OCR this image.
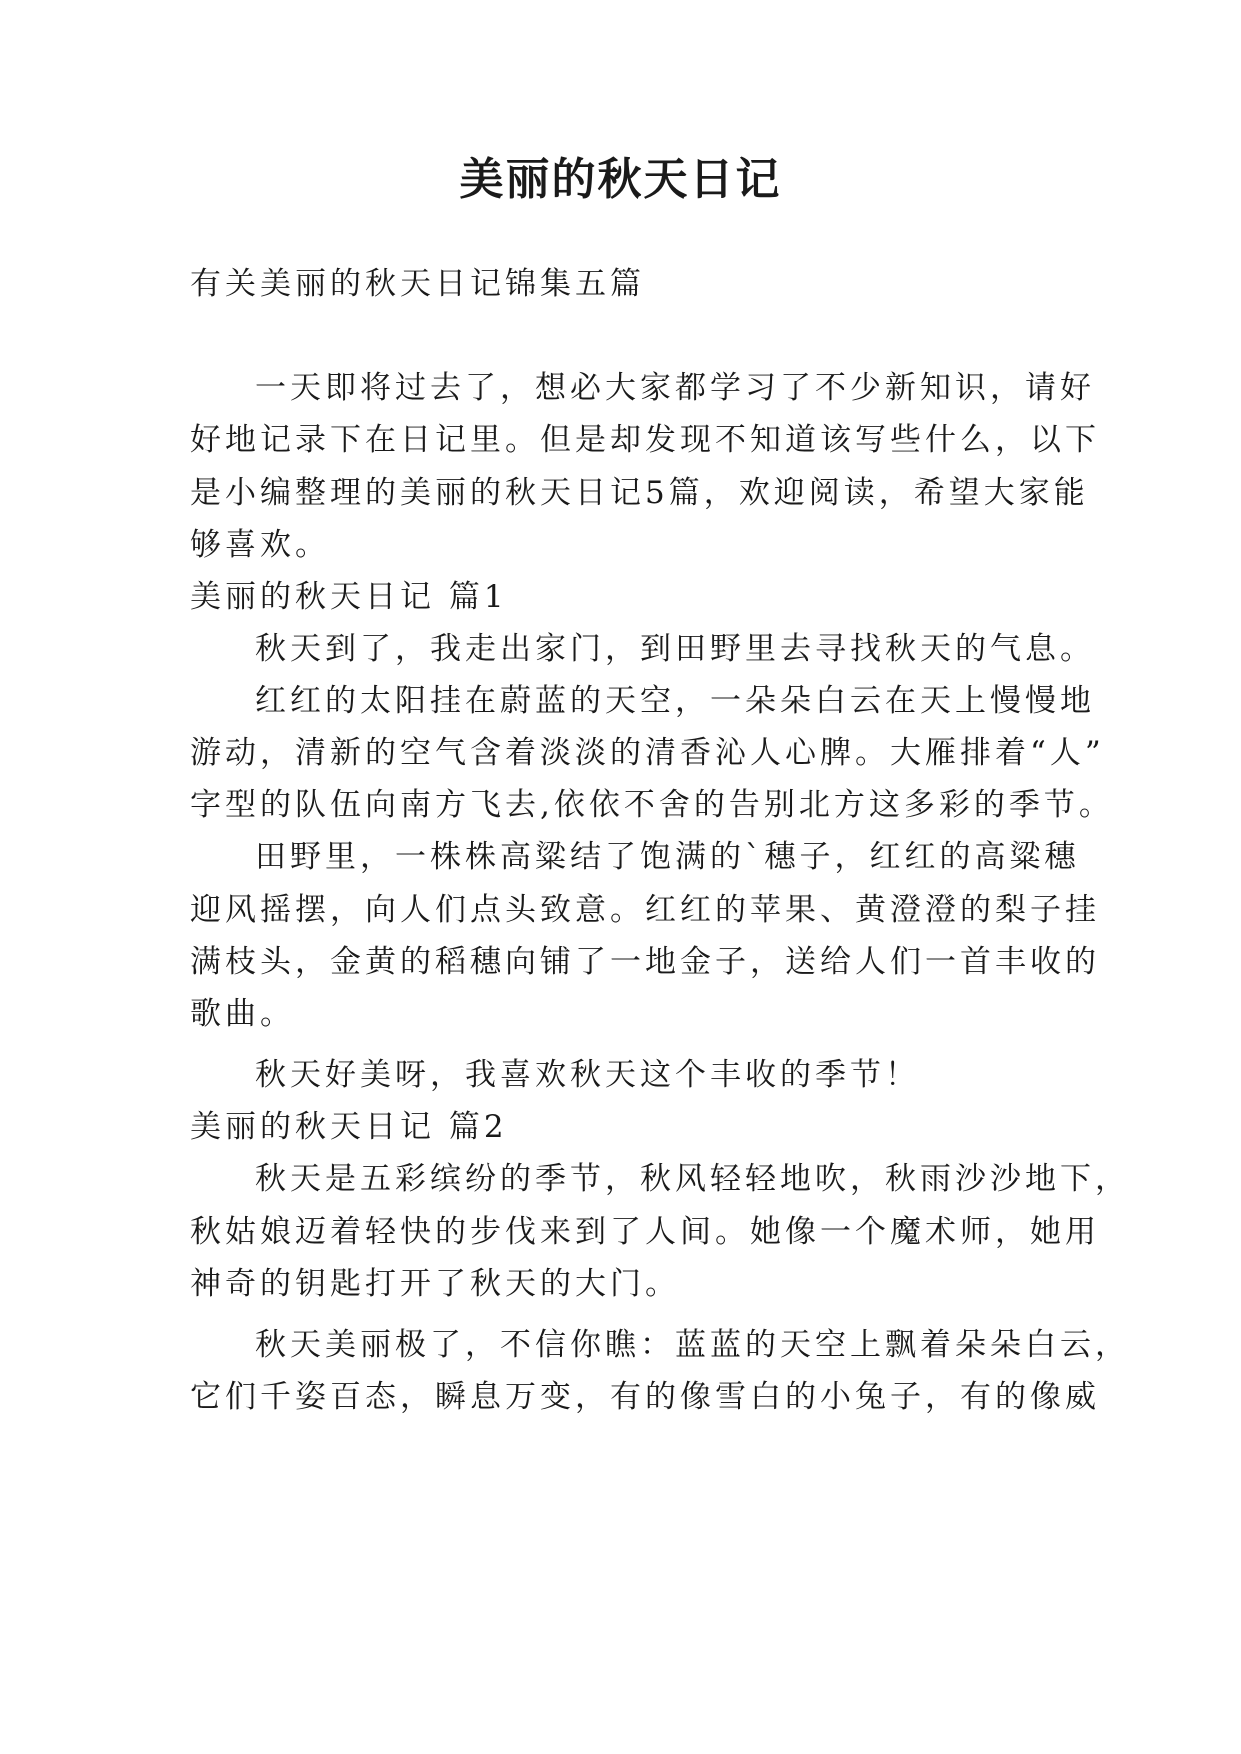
美丽的秋天日记
有关美丽的秋天日记锦集五篇
一天即将过去了，想必大家都学习了不少新知识，请好
好地记录下在日记里。但是却发现不知道该写些什么，以下
是小编整理的美丽的秋天日记5篇，欢迎阅读，希望大家能
够喜欢。
美丽的秋天日记 篇1
秋天到了，我走出家门，到田野里去寻找秋天的气息。
红红的太阳挂在蔚蓝的天空，一朵朵白云在天上慢慢地
游动，清新的空气含着淡淡的清香沁人心脾。大雁排着“人”
字型的队伍向南方飞去,依依不舍的告别北方这多彩的季节。
田野里，一株株高粱结了饱满的`穗子，红红的高粱穗
迎风摇摆，向人们点头致意。红红的苹果、黄澄澄的梨子挂
满枝头，金黄的稻穗向铺了一地金子，送给人们一首丰收的
歌曲。
秋天好美呀，我喜欢秋天这个丰收的季节！
美丽的秋天日记 篇2
秋天是五彩缤纷的季节，秋风轻轻地吹，秋雨沙沙地下，
秋姑娘迈着轻快的步伐来到了人间。她像一个魔术师，她用
神奇的钥匙打开了秋天的大门。
秋天美丽极了，不信你瞧：蓝蓝的天空上飘着朵朵白云，
它们千姿百态，瞬息万变，有的像雪白的小兔子，有的像威
